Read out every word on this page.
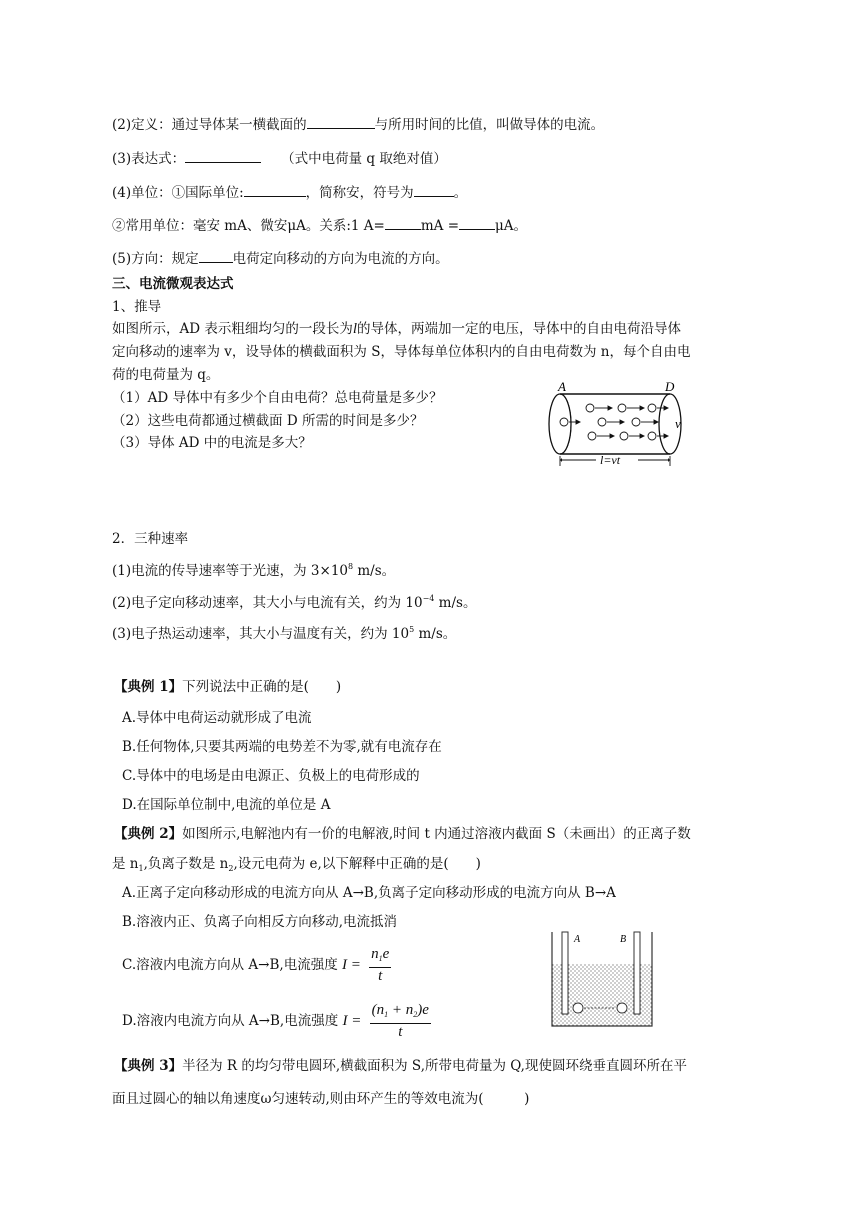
(2)定义：通过导体某一横截面的	与所用时间的比值，叫做导体的电流。
(3)表达式：	（式中电荷量 q 取绝对值）
(4)单位：①国际单位:	，简称安，符号为	。
②常用单位：毫安 mA、微安μA。关系:1 A=	mA =	μA。
(5)方向：规定	电荷定向移动的方向为电流的方向。
三、电流微观表达式
1、推导
如图所示，AD 表示粗细均匀的一段长为l的导体，两端加一定的电压，导体中的自由电荷沿导体
定向移动的速率为 v，设导体的横截面积为 S，导体每单位体积内的自由电荷数为 n，每个自由电
荷的电荷量为 q。
（1）AD 导体中有多少个自由电荷？总电荷量是多少？
（2）这些电荷都通过横截面 D 所需的时间是多少？
（3）导体 AD 中的电流是多大？
A	D
v
l=vt
2．三种速率
(1)电流的传导速率等于光速，为 $3\times 10^8$ m/s。
(2)电子定向移动速率，其大小与电流有关，约为 $10^{-4}$ m/s。
(3)电子热运动速率，其大小与温度有关，约为 $10^5$ m/s。
【典例 1】下列说法中正确的是(　　)
A.导体中电荷运动就形成了电流
B.任何物体,只要其两端的电势差不为零,就有电流存在
C.导体中的电场是由电源正、负极上的电荷形成的
D.在国际单位制中,电流的单位是 A
【典例 2】如图所示,电解池内有一价的电解液,时间 t 内通过溶液内截面 S（未画出）的正离子数
是 $n_1$,负离子数是 $n_2$,设元电荷为 e,以下解释中正确的是(　　)
A.正离子定向移动形成的电流方向从 A→B,负离子定向移动形成的电流方向从 B→A
B.溶液内正、负离子向相反方向移动,电流抵消
C.溶液内电流方向从 A→B,电流强度 $I = \frac{n_1e}{t}$
D.溶液内电流方向从 A→B,电流强度 $I = \frac{(n_1 + n_2)e}{t}$
A	B
【典例 3】半径为 R 的均匀带电圆环,横截面积为 S,所带电荷量为 Q,现使圆环绕垂直圆环所在平
面且过圆心的轴以角速度ω匀速转动,则由环产生的等效电流为(　　　)
